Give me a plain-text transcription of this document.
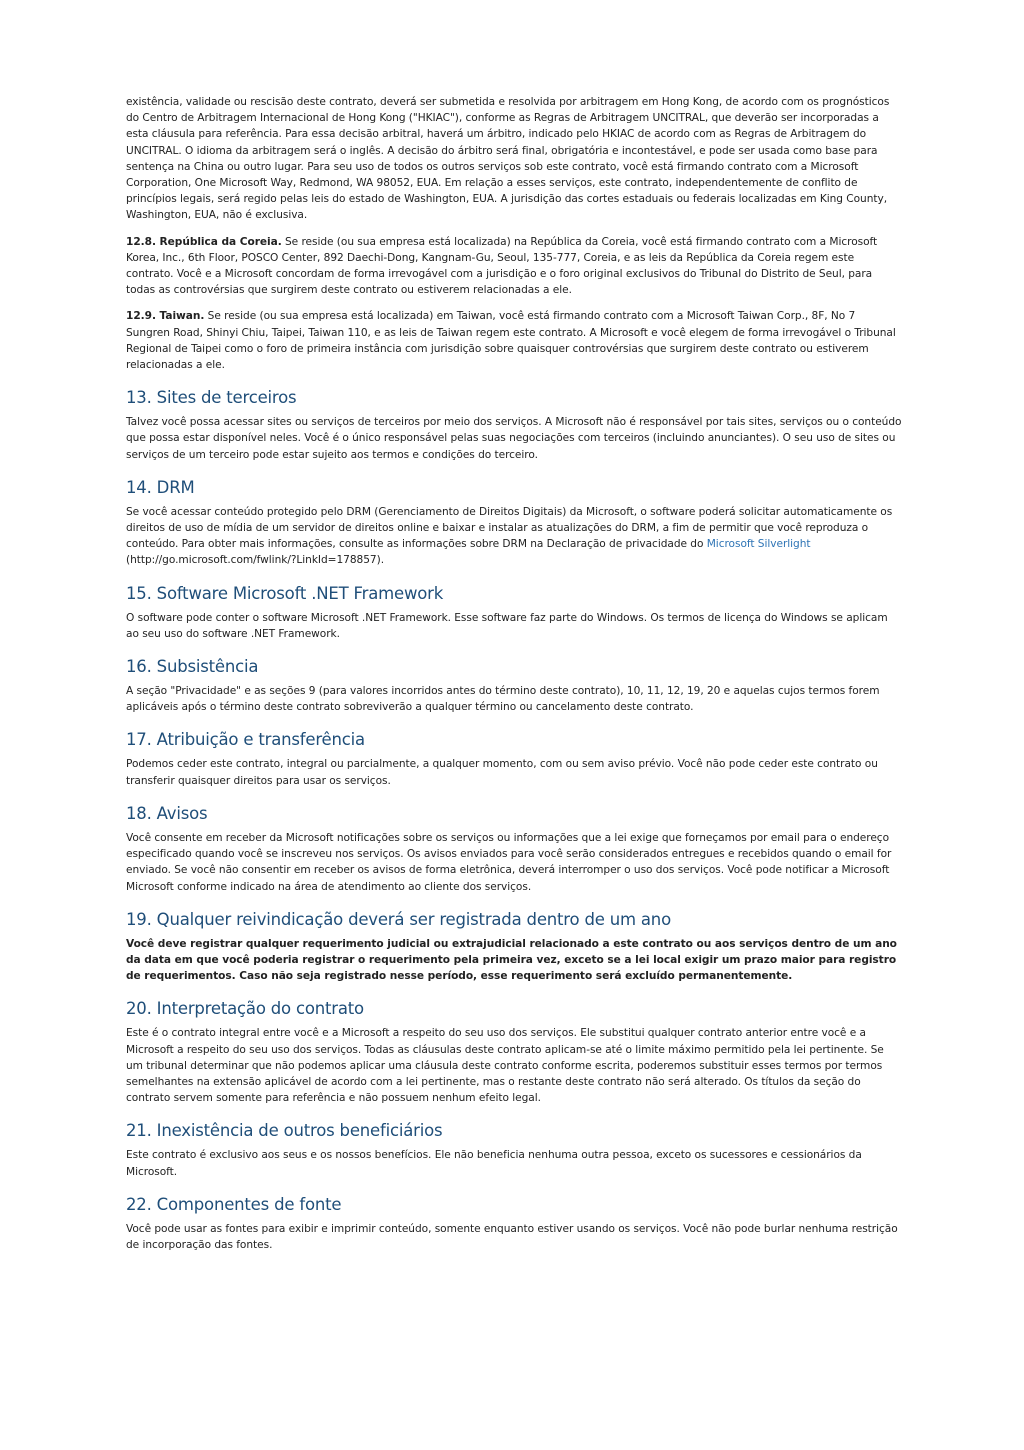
existência, validade ou rescisão deste contrato, deverá ser submetida e resolvida por arbitragem em Hong Kong, de acordo com os prognósticos do Centro de Arbitragem Internacional de Hong Kong ("HKIAC"), conforme as Regras de Arbitragem UNCITRAL, que deverão ser incorporadas a esta cláusula para referência. Para essa decisão arbitral, haverá um árbitro, indicado pelo HKIAC de acordo com as Regras de Arbitragem do UNCITRAL. O idioma da arbitragem será o inglês. A decisão do árbitro será final, obrigatória e incontestável, e pode ser usada como base para sentença na China ou outro lugar. Para seu uso de todos os outros serviços sob este contrato, você está firmando contrato com a Microsoft Corporation, One Microsoft Way, Redmond, WA 98052, EUA. Em relação a esses serviços, este contrato, independentemente de conflito de princípios legais, será regido pelas leis do estado de Washington, EUA. A jurisdição das cortes estaduais ou federais localizadas em King County, Washington, EUA, não é exclusiva.

12.8. República da Coreia. Se reside (ou sua empresa está localizada) na República da Coreia, você está firmando contrato com a Microsoft Korea, Inc., 6th Floor, POSCO Center, 892 Daechi-Dong, Kangnam-Gu, Seoul, 135-777, Coreia, e as leis da República da Coreia regem este contrato. Você e a Microsoft concordam de forma irrevogável com a jurisdição e o foro original exclusivos do Tribunal do Distrito de Seul, para todas as controvérsias que surgirem deste contrato ou estiverem relacionadas a ele.

12.9. Taiwan. Se reside (ou sua empresa está localizada) em Taiwan, você está firmando contrato com a Microsoft Taiwan Corp., 8F, No 7 Sungren Road, Shinyi Chiu, Taipei, Taiwan 110, e as leis de Taiwan regem este contrato. A Microsoft e você elegem de forma irrevogável o Tribunal Regional de Taipei como o foro de primeira instância com jurisdição sobre quaisquer controvérsias que surgirem deste contrato ou estiverem relacionadas a ele.

13. Sites de terceiros

Talvez você possa acessar sites ou serviços de terceiros por meio dos serviços. A Microsoft não é responsável por tais sites, serviços ou o conteúdo que possa estar disponível neles. Você é o único responsável pelas suas negociações com terceiros (incluindo anunciantes). O seu uso de sites ou serviços de um terceiro pode estar sujeito aos termos e condições do terceiro.

14. DRM

Se você acessar conteúdo protegido pelo DRM (Gerenciamento de Direitos Digitais) da Microsoft, o software poderá solicitar automaticamente os direitos de uso de mídia de um servidor de direitos online e baixar e instalar as atualizações do DRM, a fim de permitir que você reproduza o conteúdo. Para obter mais informações, consulte as informações sobre DRM na Declaração de privacidade do Microsoft Silverlight (http://go.microsoft.com/fwlink/?LinkId=178857).

15. Software Microsoft .NET Framework

O software pode conter o software Microsoft .NET Framework. Esse software faz parte do Windows. Os termos de licença do Windows se aplicam ao seu uso do software .NET Framework.

16. Subsistência

A seção "Privacidade" e as seções 9 (para valores incorridos antes do término deste contrato), 10, 11, 12, 19, 20 e aquelas cujos termos forem aplicáveis após o término deste contrato sobreviverão a qualquer término ou cancelamento deste contrato.

17. Atribuição e transferência

Podemos ceder este contrato, integral ou parcialmente, a qualquer momento, com ou sem aviso prévio. Você não pode ceder este contrato ou transferir quaisquer direitos para usar os serviços.

18. Avisos

Você consente em receber da Microsoft notificações sobre os serviços ou informações que a lei exige que forneçamos por email para o endereço especificado quando você se inscreveu nos serviços. Os avisos enviados para você serão considerados entregues e recebidos quando o email for enviado. Se você não consentir em receber os avisos de forma eletrônica, deverá interromper o uso dos serviços. Você pode notificar a Microsoft Microsoft conforme indicado na área de atendimento ao cliente dos serviços.

19. Qualquer reivindicação deverá ser registrada dentro de um ano

Você deve registrar qualquer requerimento judicial ou extrajudicial relacionado a este contrato ou aos serviços dentro de um ano da data em que você poderia registrar o requerimento pela primeira vez, exceto se a lei local exigir um prazo maior para registro de requerimentos. Caso não seja registrado nesse período, esse requerimento será excluído permanentemente.

20. Interpretação do contrato

Este é o contrato integral entre você e a Microsoft a respeito do seu uso dos serviços. Ele substitui qualquer contrato anterior entre você e a Microsoft a respeito do seu uso dos serviços. Todas as cláusulas deste contrato aplicam-se até o limite máximo permitido pela lei pertinente. Se um tribunal determinar que não podemos aplicar uma cláusula deste contrato conforme escrita, poderemos substituir esses termos por termos semelhantes na extensão aplicável de acordo com a lei pertinente, mas o restante deste contrato não será alterado. Os títulos da seção do contrato servem somente para referência e não possuem nenhum efeito legal.

21. Inexistência de outros beneficiários

Este contrato é exclusivo aos seus e os nossos benefícios. Ele não beneficia nenhuma outra pessoa, exceto os sucessores e cessionários da Microsoft.

22. Componentes de fonte

Você pode usar as fontes para exibir e imprimir conteúdo, somente enquanto estiver usando os serviços. Você não pode burlar nenhuma restrição de incorporação das fontes.
